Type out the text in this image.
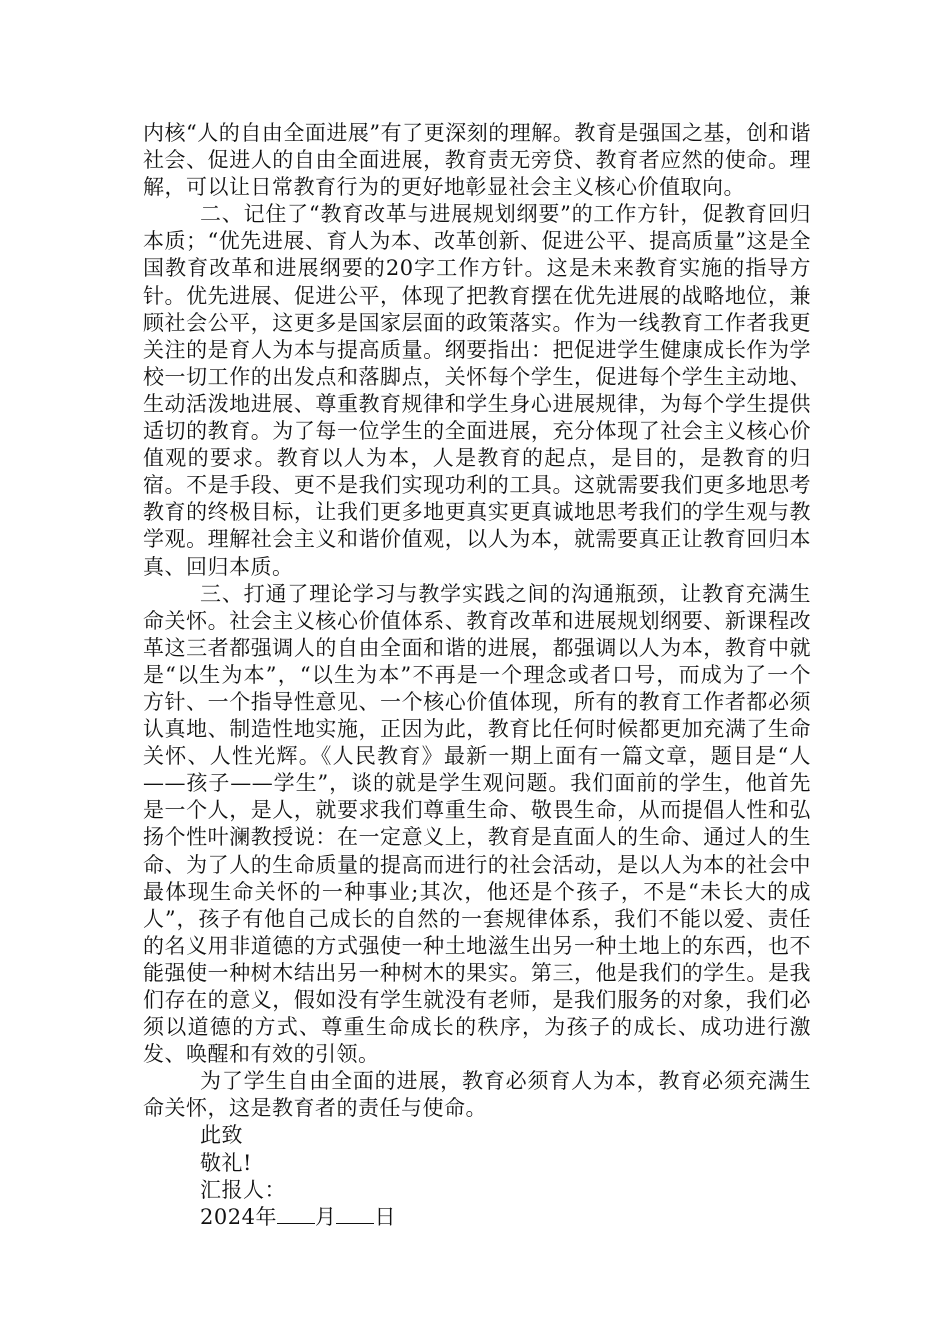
内核“人的自由全面进展”有了更深刻的理解。教育是强国之基，创和谐社会、促进人的自由全面进展，教育责无旁贷、教育者应然的使命。理解，可以让日常教育行为的更好地彰显社会主义核心价值取向。

二、记住了“教育改革与进展规划纲要”的工作方针，促教育回归本质；“优先进展、育人为本、改革创新、促进公平、提高质量”这是全国教育改革和进展纲要的20字工作方针。这是未来教育实施的指导方针。优先进展、促进公平，体现了把教育摆在优先进展的战略地位，兼顾社会公平，这更多是国家层面的政策落实。作为一线教育工作者我更关注的是育人为本与提高质量。纲要指出：把促进学生健康成长作为学校一切工作的出发点和落脚点，关怀每个学生，促进每个学生主动地、生动活泼地进展、尊重教育规律和学生身心进展规律，为每个学生提供适切的教育。为了每一位学生的全面进展，充分体现了社会主义核心价值观的要求。教育以人为本，人是教育的起点，是目的，是教育的归宿。不是手段、更不是我们实现功利的工具。这就需要我们更多地思考教育的终极目标，让我们更多地更真实更真诚地思考我们的学生观与教学观。理解社会主义和谐价值观，以人为本，就需要真正让教育回归本真、回归本质。

三、打通了理论学习与教学实践之间的沟通瓶颈，让教育充满生命关怀。社会主义核心价值体系、教育改革和进展规划纲要、新课程改革这三者都强调人的自由全面和谐的进展，都强调以人为本，教育中就是“以生为本”，“以生为本”不再是一个理念或者口号，而成为了一个方针、一个指导性意见、一个核心价值体现，所有的教育工作者都必须认真地、制造性地实施，正因为此，教育比任何时候都更加充满了生命关怀、人性光辉。《人民教育》最新一期上面有一篇文章，题目是“人——孩子——学生”，谈的就是学生观问题。我们面前的学生，他首先是一个人，是人，就要求我们尊重生命、敬畏生命，从而提倡人性和弘扬个性叶澜教授说：在一定意义上，教育是直面人的生命、通过人的生命、为了人的生命质量的提高而进行的社会活动，是以人为本的社会中最体现生命关怀的一种事业;其次，他还是个孩子，不是“未长大的成人”，孩子有他自己成长的自然的一套规律体系，我们不能以爱、责任的名义用非道德的方式强使一种土地滋生出另一种土地上的东西，也不能强使一种树木结出另一种树木的果实。第三，他是我们的学生。是我们存在的意义，假如没有学生就没有老师，是我们服务的对象，我们必须以道德的方式、尊重生命成长的秩序，为孩子的成长、成功进行激发、唤醒和有效的引领。

为了学生自由全面的进展，教育必须育人为本，教育必须充满生命关怀，这是教育者的责任与使命。

此致

敬礼!

汇报人：

2024年 月 日
